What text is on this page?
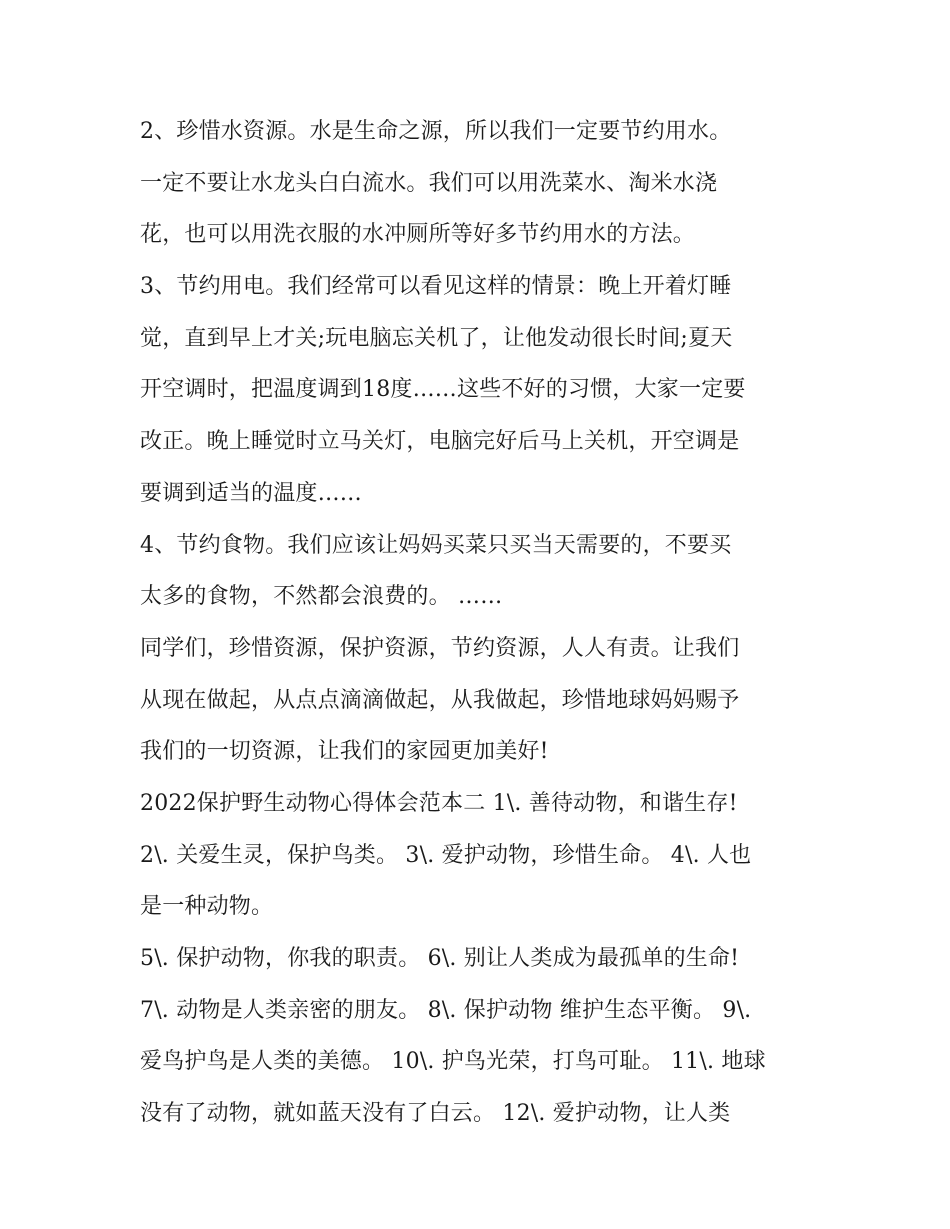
2、珍惜水资源。水是生命之源，所以我们一定要节约用水。
一定不要让水龙头白白流水。我们可以用洗菜水、淘米水浇
花，也可以用洗衣服的水冲厕所等好多节约用水的方法。
3、节约用电。我们经常可以看见这样的情景：晚上开着灯睡
觉，直到早上才关;玩电脑忘关机了，让他发动很长时间;夏天
开空调时，把温度调到18度……这些不好的习惯，大家一定要
改正。晚上睡觉时立马关灯，电脑完好后马上关机，开空调是
要调到适当的温度……
4、节约食物。我们应该让妈妈买菜只买当天需要的，不要买
太多的食物，不然都会浪费的。 ……
同学们，珍惜资源，保护资源，节约资源，人人有责。让我们
从现在做起，从点点滴滴做起，从我做起，珍惜地球妈妈赐予
我们的一切资源，让我们的家园更加美好!
2022保护野生动物心得体会范本二 1\. 善待动物，和谐生存!
2\. 关爱生灵，保护鸟类。 3\. 爱护动物，珍惜生命。 4\. 人也
是一种动物。
5\. 保护动物，你我的职责。 6\. 别让人类成为最孤单的生命!
7\. 动物是人类亲密的朋友。 8\. 保护动物 维护生态平衡。 9\.
爱鸟护鸟是人类的美德。 10\. 护鸟光荣，打鸟可耻。 11\. 地球
没有了动物，就如蓝天没有了白云。 12\. 爱护动物，让人类
